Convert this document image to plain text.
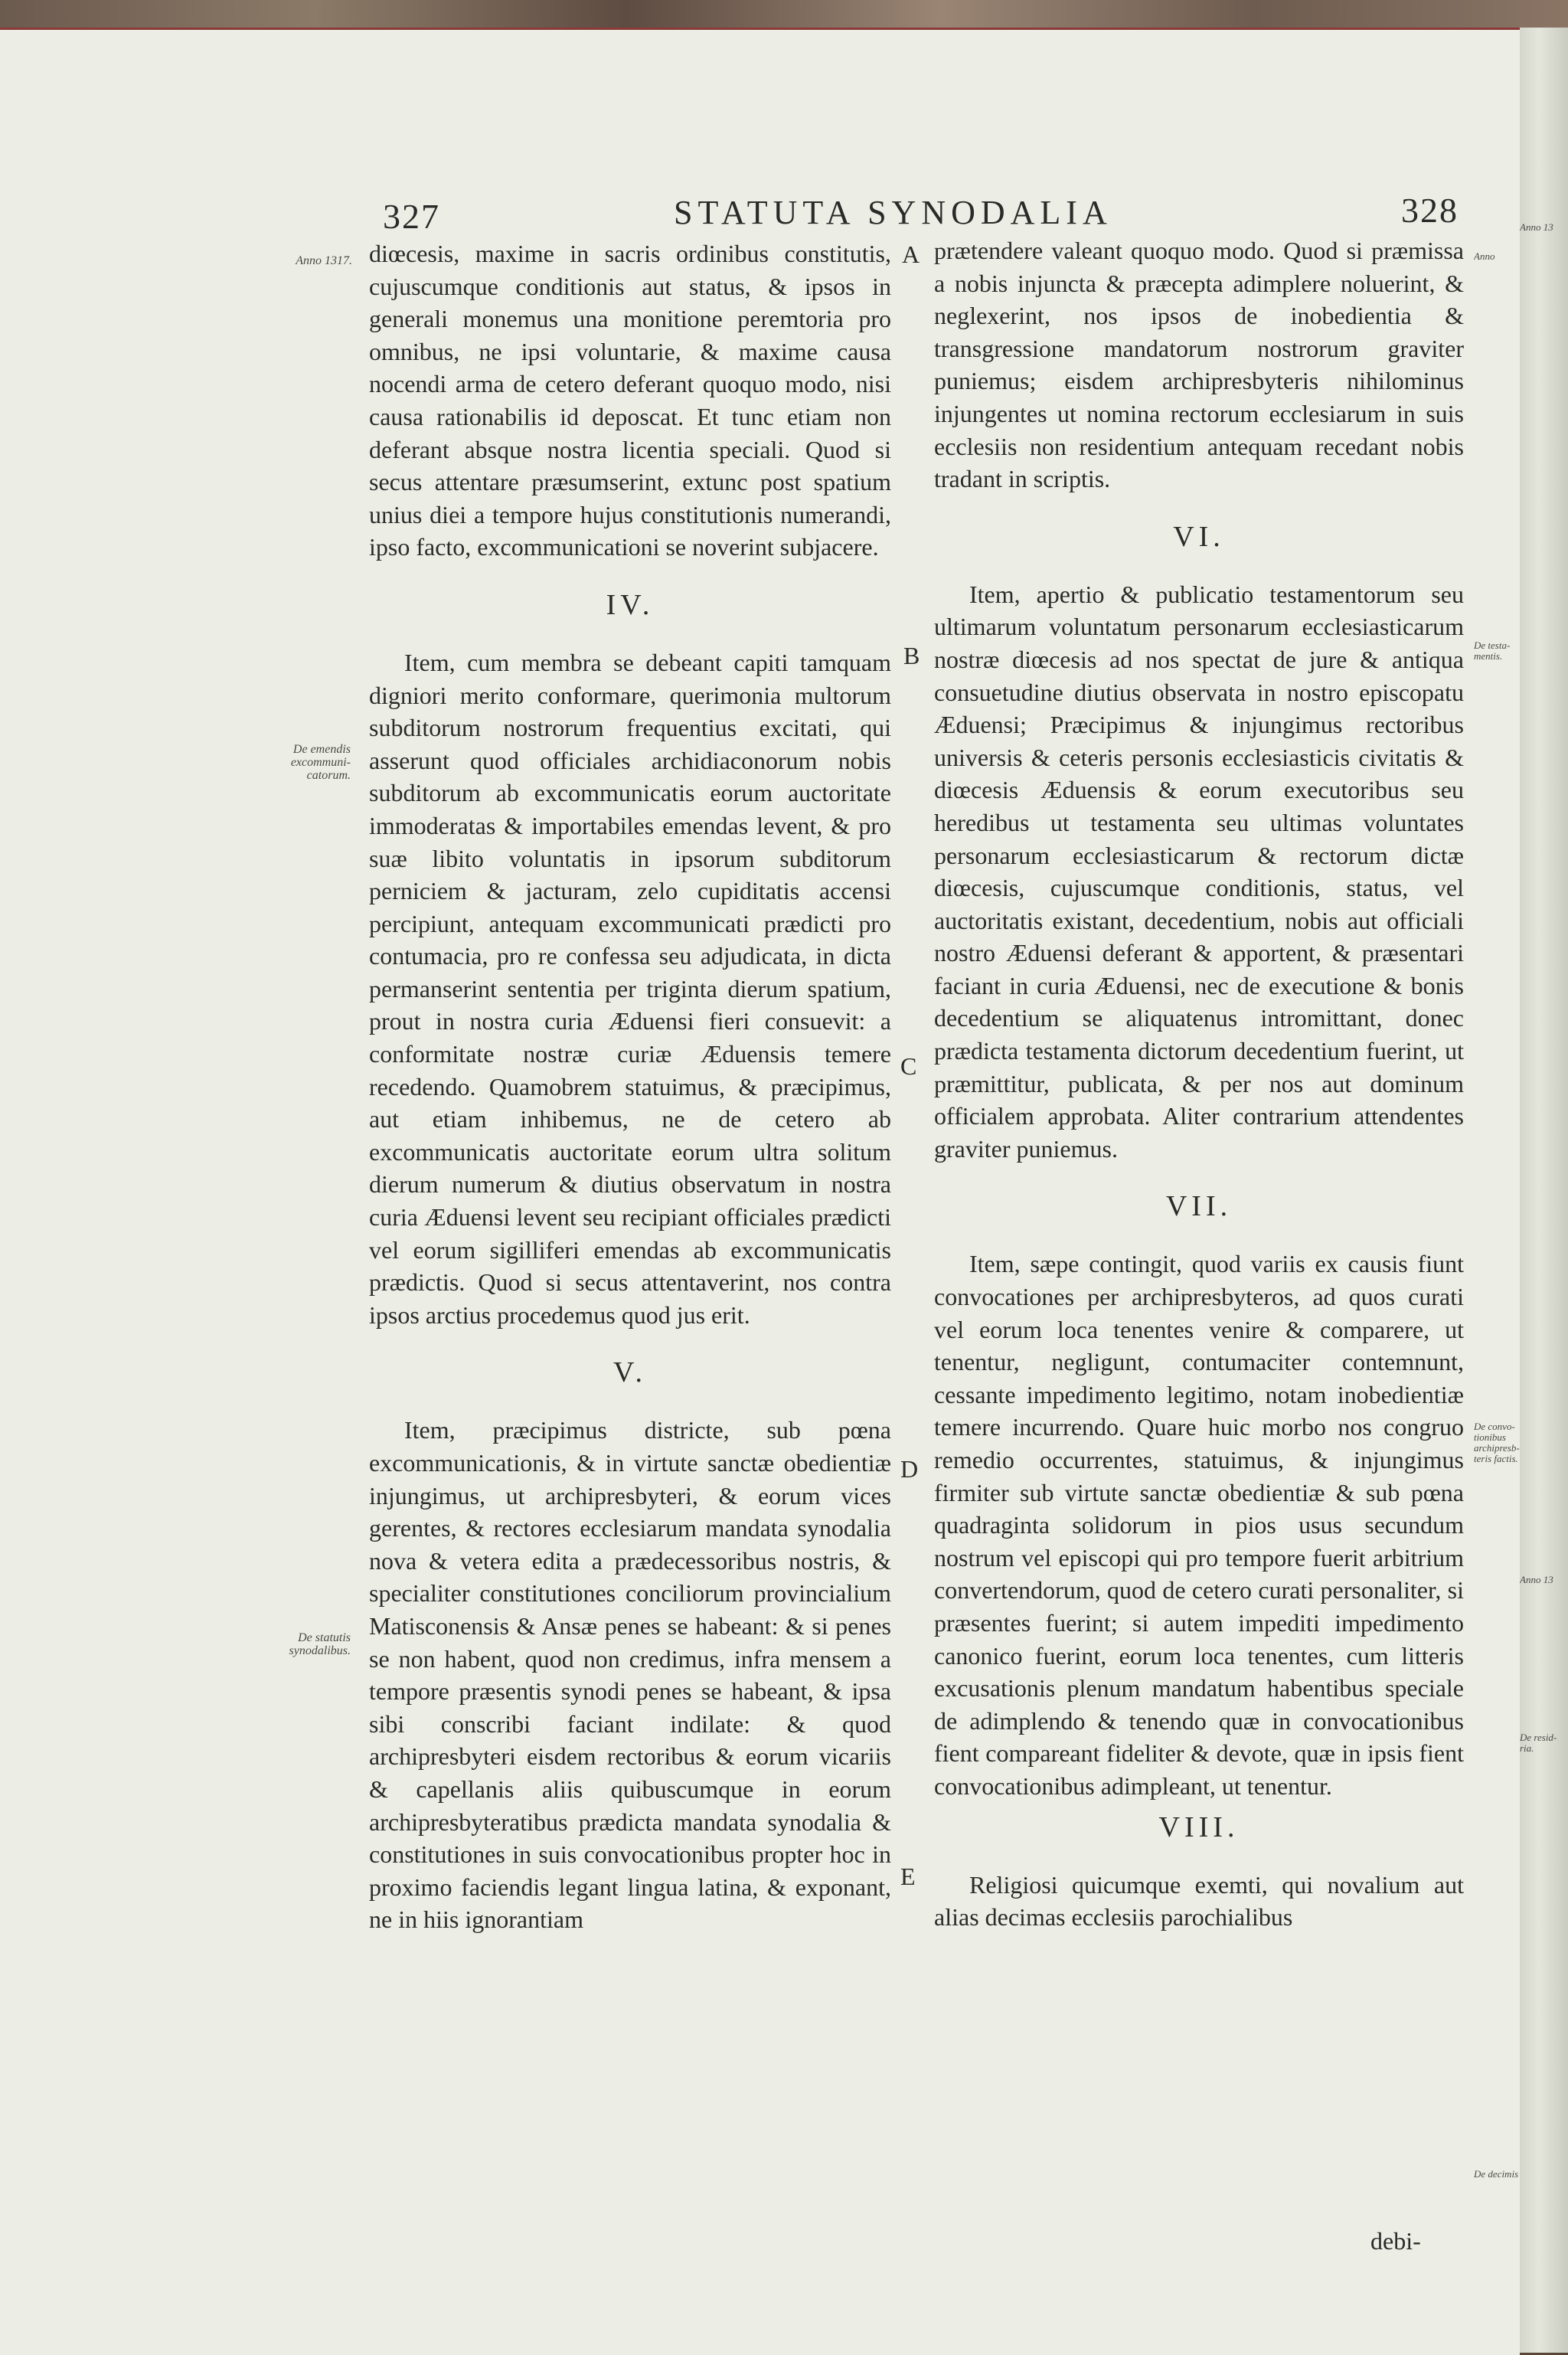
327	STATUTA SYNODALIA	328
Anno 1317.
De emendis excommuni-catorum.
De statutis synodalibus.
Anno 13
Anno
De testa-mentis.
De convo-tionibus archipresb-teris factis.
Anno 13
De resid-ria.
De decimis
A
B
C
D
E

diœcesis, maxime in sacris ordinibus constitutis, cujuscumque conditionis aut status, & ipsos in generali monemus una monitione peremtoria pro omnibus, ne ipsi voluntarie, & maxime causa nocendi arma de cetero deferant quoquo modo, nisi causa rationabilis id deposcat. Et tunc etiam non deferant absque nostra licentia speciali. Quod si secus attentare præsumserint, extunc post spatium unius diei a tempore hujus constitutionis numerandi, ipso facto, excommunicationi se noverint subjacere.

IV.

Item, cum membra se debeant capiti tamquam digniori merito conformare, querimonia multorum subditorum nostrorum frequentius excitati, qui asserunt quod officiales archidiaconorum nobis subditorum ab excommunicatis eorum auctoritate immoderatas & importabiles emendas levent, & pro suæ libito voluntatis in ipsorum subditorum perniciem & jacturam, zelo cupiditatis accensi percipiunt, antequam excommunicati prædicti pro contumacia, pro re confessa seu adjudicata, in dicta permanserint sententia per triginta dierum spatium, prout in nostra curia Æduensi fieri consuevit: a conformitate nostræ curiæ Æduensis temere recedendo. Quamobrem statuimus, & præcipimus, aut etiam inhibemus, ne de cetero ab excommunicatis auctoritate eorum ultra solitum dierum numerum & diutius observatum in nostra curia Æduensi levent seu recipiant officiales prædicti vel eorum sigilliferi emendas ab excommunicatis prædictis. Quod si secus attentaverint, nos contra ipsos arctius procedemus quod jus erit.

V.

Item, præcipimus districte, sub pœna excommunicationis, & in virtute sanctæ obedientiæ injungimus, ut archipresbyteri, & eorum vices gerentes, & rectores ecclesiarum mandata synodalia nova & vetera edita a prædecessoribus nostris, & specialiter constitutiones conciliorum provincialium Matisconensis & Ansæ penes se habeant: & si penes se non habent, quod non credimus, infra mensem a tempore præsentis synodi penes se habeant, & ipsa sibi conscribi faciant indilate: & quod archipresbyteri eisdem rectoribus & eorum vicariis & capellanis aliis quibuscumque in eorum archipresbyteratibus prædicta mandata synodalia & constitutiones in suis convocationibus propter hoc in proximo faciendis legant lingua latina, & exponant, ne in hiis ignorantiam

prætendere valeant quoquo modo. Quod si præmissa a nobis injuncta & præcepta adimplere noluerint, & neglexerint, nos ipsos de inobedientia & transgressione mandatorum nostrorum graviter puniemus; eisdem archipresbyteris nihilominus injungentes ut nomina rectorum ecclesiarum in suis ecclesiis non residentium antequam recedant nobis tradant in scriptis.

VI.

Item, apertio & publicatio testamentorum seu ultimarum voluntatum personarum ecclesiasticarum nostræ diœcesis ad nos spectat de jure & antiqua consuetudine diutius observata in nostro episcopatu Æduensi; Præcipimus & injungimus rectoribus universis & ceteris personis ecclesiasticis civitatis & diœcesis Æduensis & eorum executoribus seu heredibus ut testamenta seu ultimas voluntates personarum ecclesiasticarum & rectorum dictæ diœcesis, cujuscumque conditionis, status, vel auctoritatis existant, decedentium, nobis aut officiali nostro Æduensi deferant & apportent, & præsentari faciant in curia Æduensi, nec de executione & bonis decedentium se aliquatenus intromittant, donec prædicta testamenta dictorum decedentium fuerint, ut præmittitur, publicata, & per nos aut dominum officialem approbata. Aliter contrarium attendentes graviter puniemus.

VII.

Item, sæpe contingit, quod variis ex causis fiunt convocationes per archipresbyteros, ad quos curati vel eorum loca tenentes venire & comparere, ut tenentur, negligunt, contumaciter contemnunt, cessante impedimento legitimo, notam inobedientiæ temere incurrendo. Quare huic morbo nos congruo remedio occurrentes, statuimus, & injungimus firmiter sub virtute sanctæ obedientiæ & sub pœna quadraginta solidorum in pios usus secundum nostrum vel episcopi qui pro tempore fuerit arbitrium convertendorum, quod de cetero curati personaliter, si præsentes fuerint; si autem impediti impedimento canonico fuerint, eorum loca tenentes, cum litteris excusationis plenum mandatum habentibus speciale de adimplendo & tenendo quæ in convocationibus fient compareant fideliter & devote, quæ in ipsis fient convocationibus adimpleant, ut tenentur.

VIII.

Religiosi quicumque exemti, qui novalium aut alias decimas ecclesiis parochialibus

debi-
